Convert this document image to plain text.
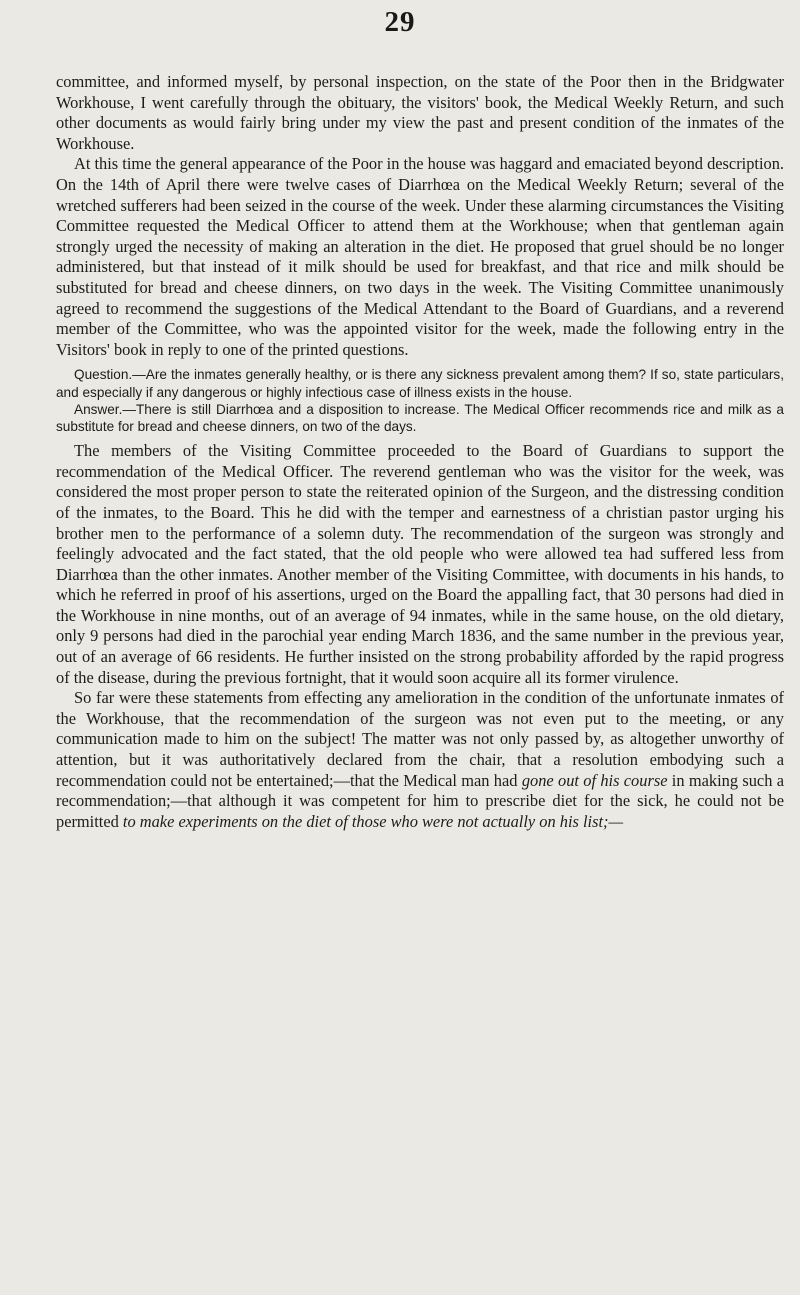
29

committee, and informed myself, by personal inspection, on the state of the Poor then in the Bridgwater Workhouse, I went carefully through the obituary, the visitors' book, the Medical Weekly Return, and such other documents as would fairly bring under my view the past and present condition of the inmates of the Workhouse.

At this time the general appearance of the Poor in the house was haggard and emaciated beyond description. On the 14th of April there were twelve cases of Diarrhœa on the Medical Weekly Return; several of the wretched sufferers had been seized in the course of the week. Under these alarming circumstances the Visiting Committee requested the Medical Officer to attend them at the Workhouse; when that gentleman again strongly urged the necessity of making an alteration in the diet. He proposed that gruel should be no longer administered, but that instead of it milk should be used for breakfast, and that rice and milk should be substituted for bread and cheese dinners, on two days in the week. The Visiting Committee unanimously agreed to recommend the suggestions of the Medical Attendant to the Board of Guardians, and a reverend member of the Committee, who was the appointed visitor for the week, made the following entry in the Visitors' book in reply to one of the printed questions.

Question.—Are the inmates generally healthy, or is there any sickness prevalent among them? If so, state particulars, and especially if any dangerous or highly infectious case of illness exists in the house.

Answer.—There is still Diarrhœa and a disposition to increase. The Medical Officer recommends rice and milk as a substitute for bread and cheese dinners, on two of the days.

The members of the Visiting Committee proceeded to the Board of Guardians to support the recommendation of the Medical Officer. The reverend gentleman who was the visitor for the week, was considered the most proper person to state the reiterated opinion of the Surgeon, and the distressing condition of the inmates, to the Board. This he did with the temper and earnestness of a christian pastor urging his brother men to the performance of a solemn duty. The recommendation of the surgeon was strongly and feelingly advocated and the fact stated, that the old people who were allowed tea had suffered less from Diarrhœa than the other inmates. Another member of the Visiting Committee, with documents in his hands, to which he referred in proof of his assertions, urged on the Board the appalling fact, that 30 persons had died in the Workhouse in nine months, out of an average of 94 inmates, while in the same house, on the old dietary, only 9 persons had died in the parochial year ending March 1836, and the same number in the previous year, out of an average of 66 residents. He further insisted on the strong probability afforded by the rapid progress of the disease, during the previous fortnight, that it would soon acquire all its former virulence.

So far were these statements from effecting any amelioration in the condition of the unfortunate inmates of the Workhouse, that the recommendation of the surgeon was not even put to the meeting, or any communication made to him on the subject! The matter was not only passed by, as altogether unworthy of attention, but it was authoritatively declared from the chair, that a resolution embodying such a recommendation could not be entertained;—that the Medical man had gone out of his course in making such a recommendation;—that although it was competent for him to prescribe diet for the sick, he could not be permitted to make experiments on the diet of those who were not actually on his list;—
